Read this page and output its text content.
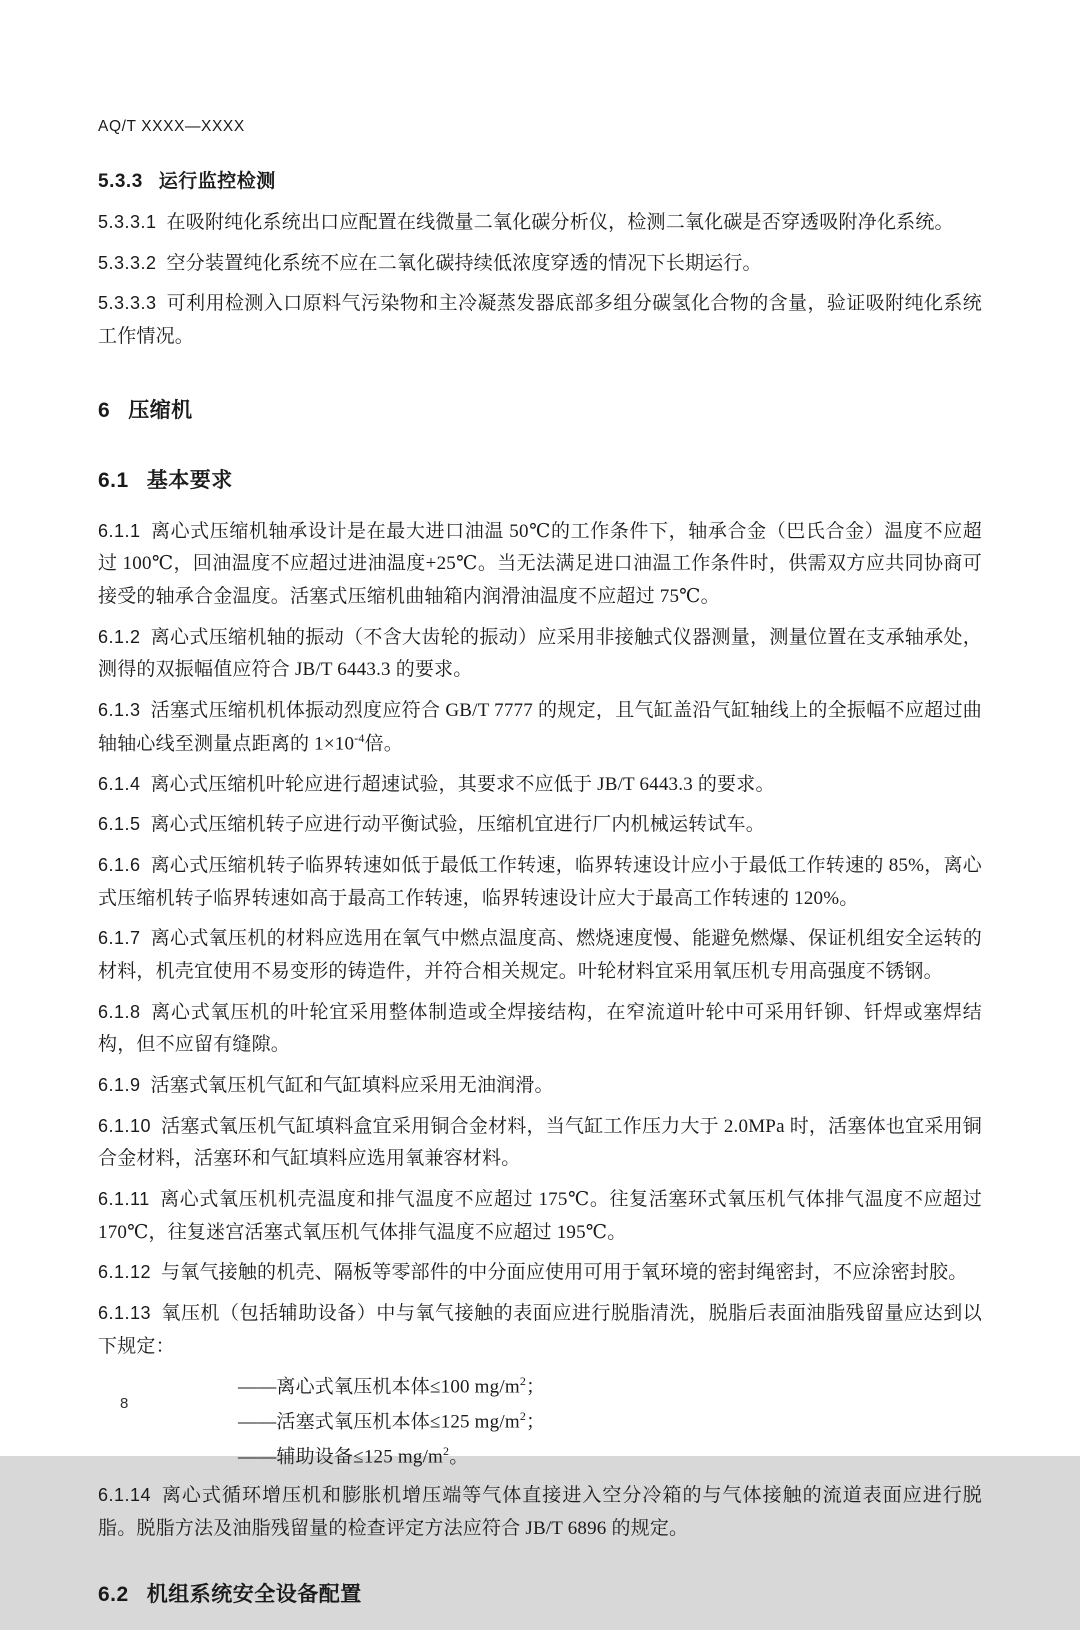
AQ/T XXXX—XXXX
5.3.3 运行监控检测

5.3.3.1 在吸附纯化系统出口应配置在线微量二氧化碳分析仪，检测二氧化碳是否穿透吸附净化系统。

5.3.3.2 空分装置纯化系统不应在二氧化碳持续低浓度穿透的情况下长期运行。

5.3.3.3 可利用检测入口原料气污染物和主冷凝蒸发器底部多组分碳氢化合物的含量，验证吸附纯化系统工作情况。

6 压缩机
6.1 基本要求

6.1.1 离心式压缩机轴承设计是在最大进口油温 50℃的工作条件下，轴承合金（巴氏合金）温度不应超过 100℃，回油温度不应超过进油温度+25℃。当无法满足进口油温工作条件时，供需双方应共同协商可接受的轴承合金温度。活塞式压缩机曲轴箱内润滑油温度不应超过 75℃。

6.1.2 离心式压缩机轴的振动（不含大齿轮的振动）应采用非接触式仪器测量，测量位置在支承轴承处，测得的双振幅值应符合 JB/T 6443.3 的要求。

6.1.3 活塞式压缩机机体振动烈度应符合 GB/T 7777 的规定，且气缸盖沿气缸轴线上的全振幅不应超过曲轴轴心线至测量点距离的 $1\times 10^{-4}$倍。

6.1.4 离心式压缩机叶轮应进行超速试验，其要求不应低于 JB/T 6443.3 的要求。

6.1.5 离心式压缩机转子应进行动平衡试验，压缩机宜进行厂内机械运转试车。

6.1.6 离心式压缩机转子临界转速如低于最低工作转速，临界转速设计应小于最低工作转速的 85%，离心式压缩机转子临界转速如高于最高工作转速，临界转速设计应大于最高工作转速的 120%。

6.1.7 离心式氧压机的材料应选用在氧气中燃点温度高、燃烧速度慢、能避免燃爆、保证机组安全运转的材料，机壳宜使用不易变形的铸造件，并符合相关规定。叶轮材料宜采用氧压机专用高强度不锈钢。

6.1.8 离心式氧压机的叶轮宜采用整体制造或全焊接结构，在窄流道叶轮中可采用钎铆、钎焊或塞焊结构，但不应留有缝隙。

6.1.9 活塞式氧压机气缸和气缸填料应采用无油润滑。

6.1.10 活塞式氧压机气缸填料盒宜采用铜合金材料，当气缸工作压力大于 2.0MPa 时，活塞体也宜采用铜合金材料，活塞环和气缸填料应选用氧兼容材料。

6.1.11 离心式氧压机机壳温度和排气温度不应超过 175℃。往复活塞环式氧压机气体排气温度不应超过 170℃，往复迷宫活塞式氧压机气体排气温度不应超过 195℃。

6.1.12 与氧气接触的机壳、隔板等零部件的中分面应使用可用于氧环境的密封绳密封，不应涂密封胶。

6.1.13 氧压机（包括辅助设备）中与氧气接触的表面应进行脱脂清洗，脱脂后表面油脂残留量应达到以下规定：

——离心式氧压机本体≤100 $mg/m^2$；
——活塞式氧压机本体≤125 $mg/m^2$；
——辅助设备≤125 $mg/m^2$。

6.1.14 离心式循环增压机和膨胀机增压端等气体直接进入空分冷箱的与气体接触的流道表面应进行脱脂。脱脂方法及油脂残留量的检查评定方法应符合 JB/T 6896 的规定。

6.2 机组系统安全设备配置
8
